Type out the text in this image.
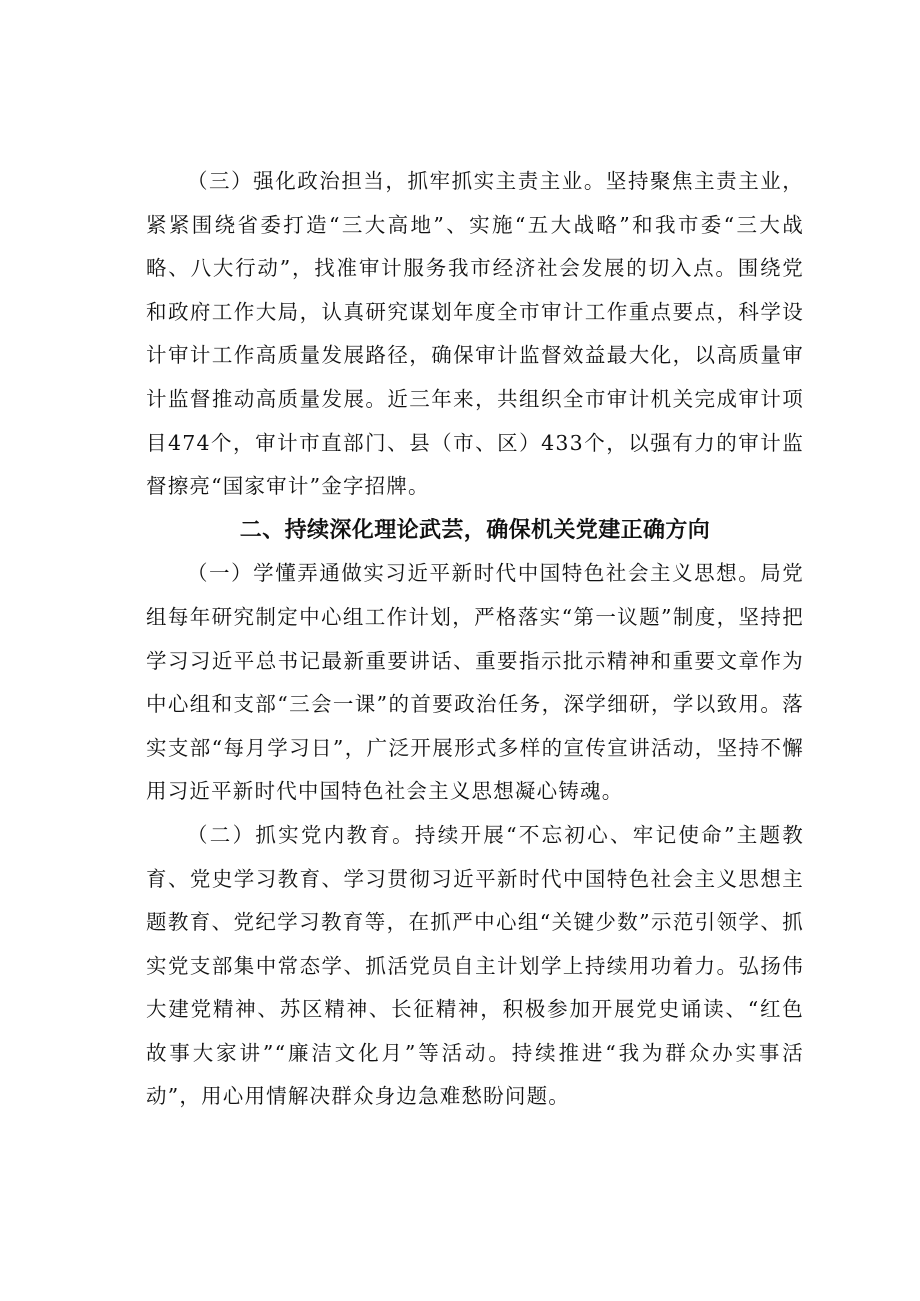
（三）强化政治担当，抓牢抓实主责主业。坚持聚焦主责主业，紧紧围绕省委打造“三大高地”、实施“五大战略”和我市委“三大战略、八大行动”，找准审计服务我市经济社会发展的切入点。围绕党和政府工作大局，认真研究谋划年度全市审计工作重点要点，科学设计审计工作高质量发展路径，确保审计监督效益最大化，以高质量审计监督推动高质量发展。近三年来，共组织全市审计机关完成审计项目474个，审计市直部门、县（市、区）433个，以强有力的审计监督擦亮“国家审计”金字招牌。

二、持续深化理论武芸，确保机关党建正确方向

（一）学懂弄通做实习近平新时代中国特色社会主义思想。局党组每年研究制定中心组工作计划，严格落实“第一议题”制度，坚持把学习习近平总书记最新重要讲话、重要指示批示精神和重要文章作为中心组和支部“三会一课”的首要政治任务，深学细研，学以致用。落实支部“每月学习日”，广泛开展形式多样的宣传宣讲活动，坚持不懈用习近平新时代中国特色社会主义思想凝心铸魂。

（二）抓实党内教育。持续开展“不忘初心、牢记使命”主题教育、党史学习教育、学习贯彻习近平新时代中国特色社会主义思想主题教育、党纪学习教育等，在抓严中心组“关键少数”示范引领学、抓实党支部集中常态学、抓活党员自主计划学上持续用功着力。弘扬伟大建党精神、苏区精神、长征精神，积极参加开展党史诵读、“红色故事大家讲”“廉洁文化月”等活动。持续推进“我为群众办实事活动”，用心用情解决群众身边急难愁盼问题。
